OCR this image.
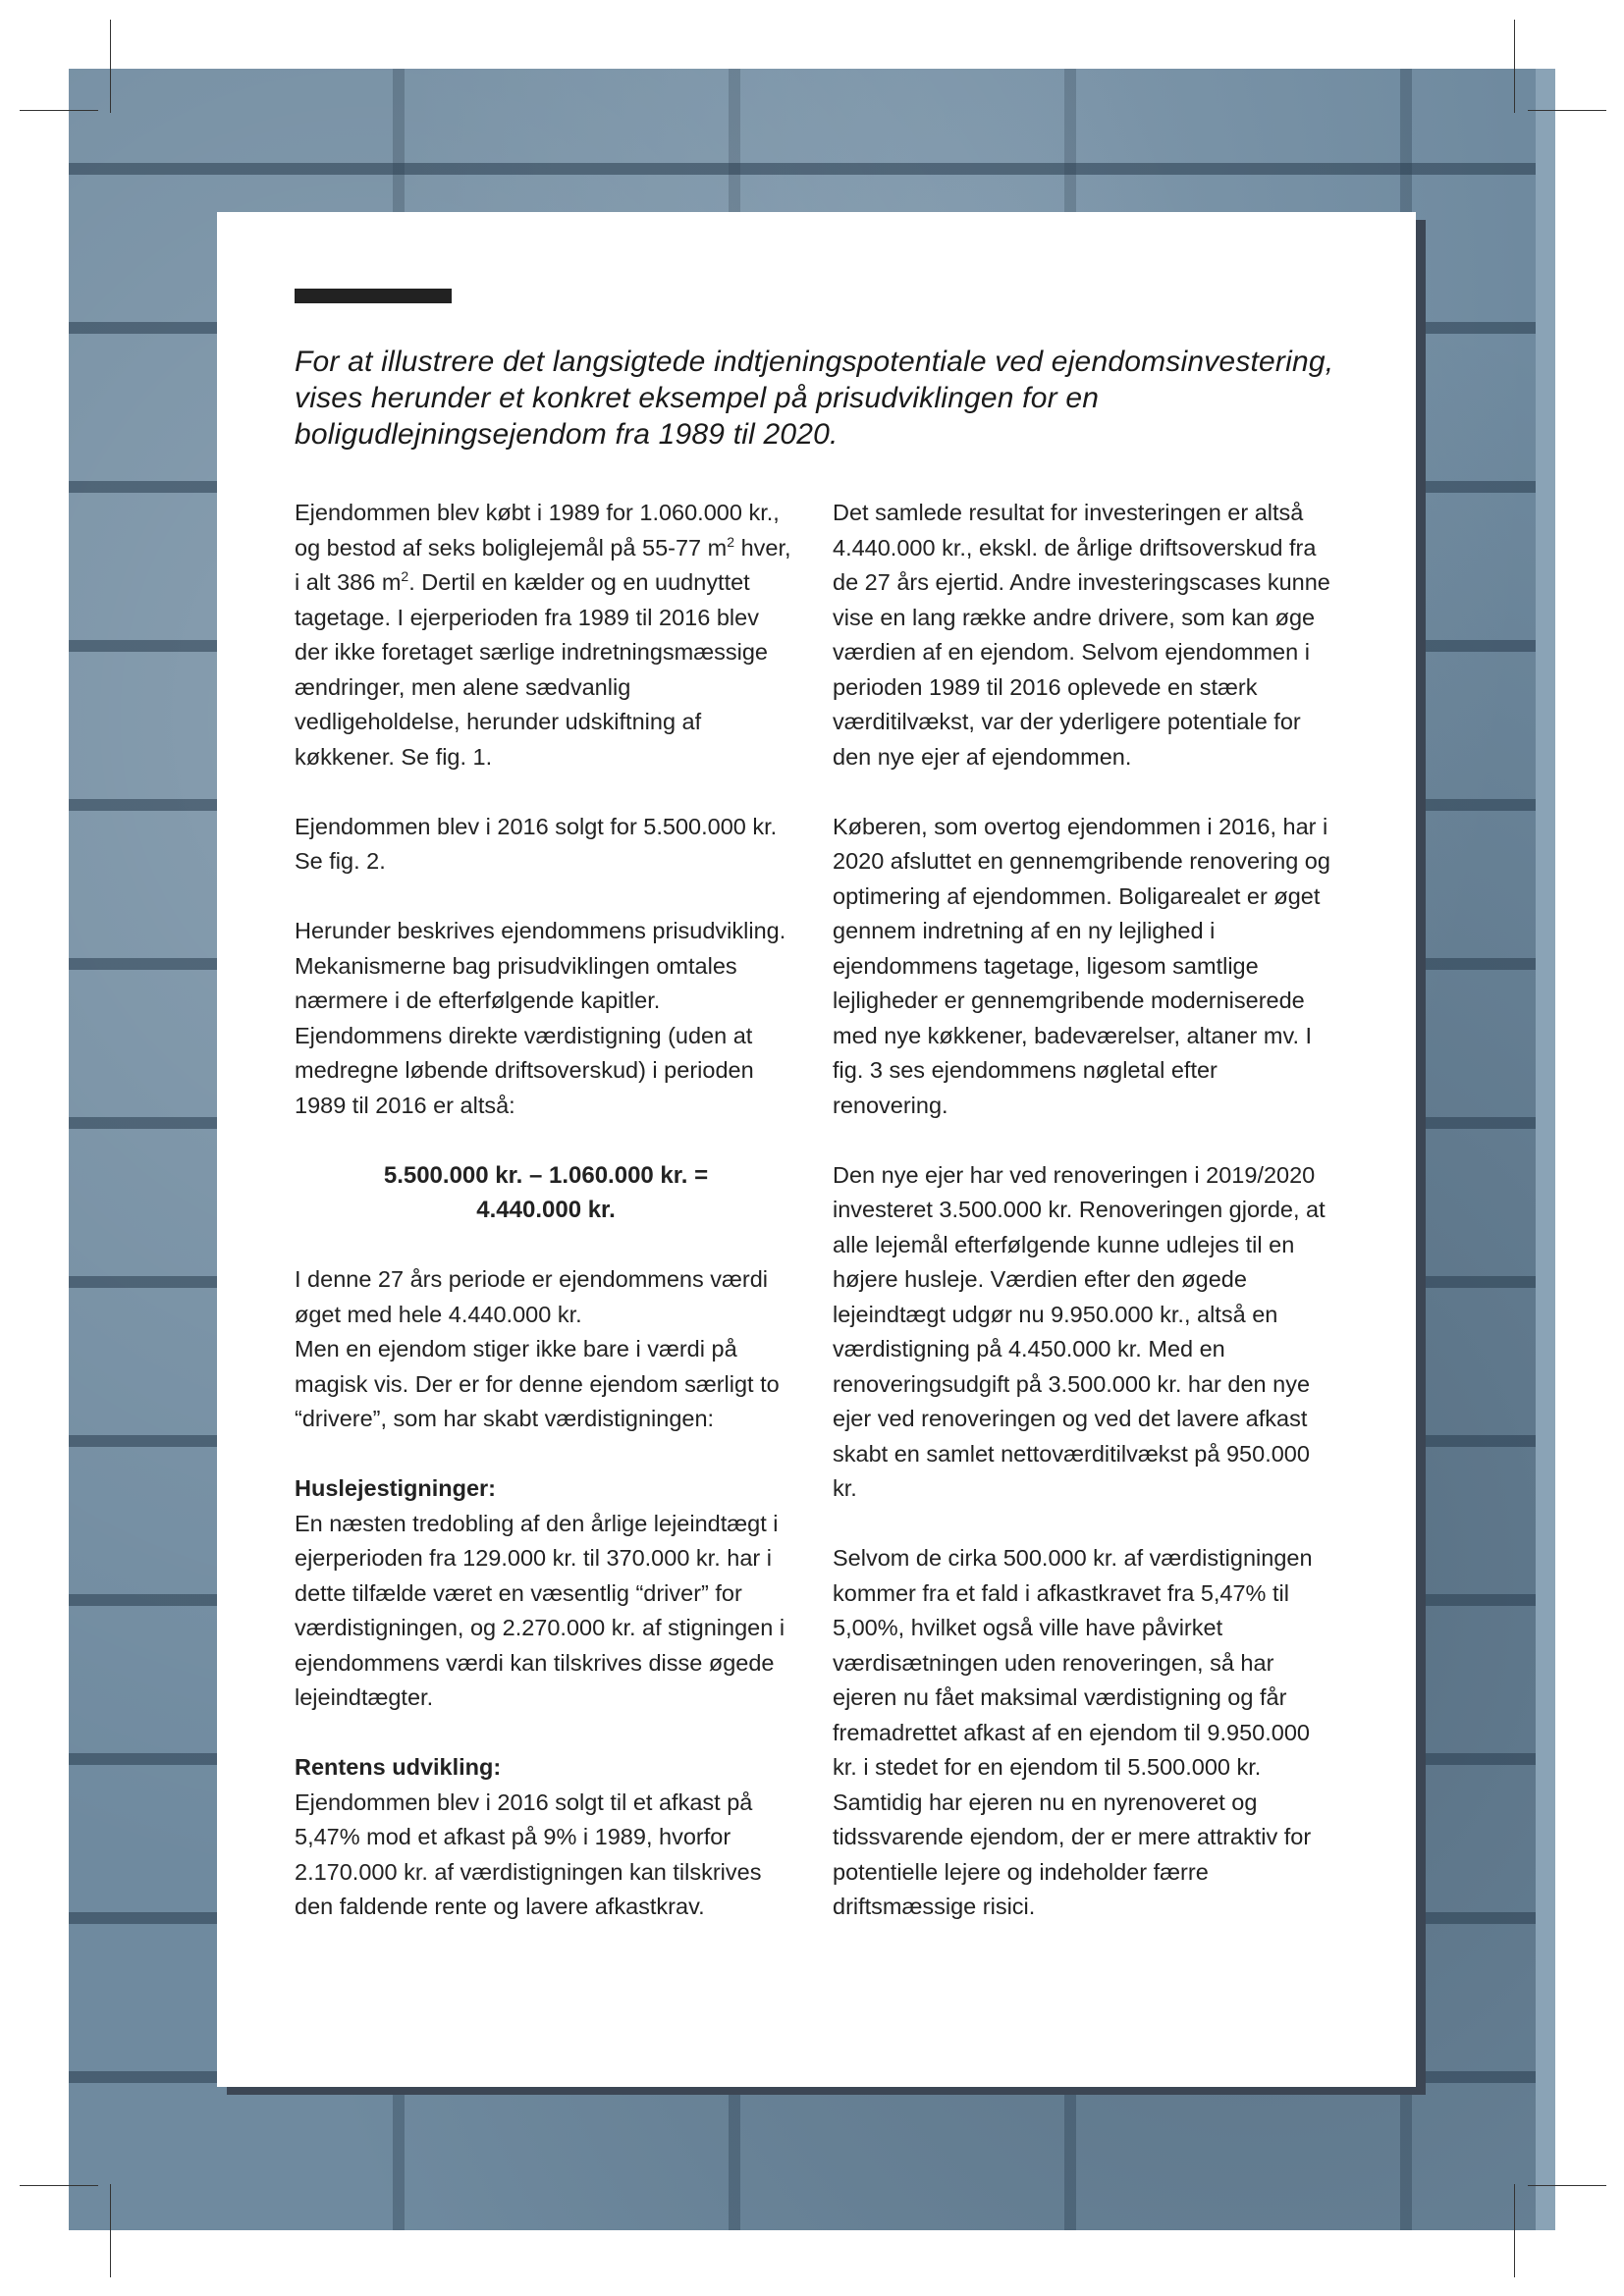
For at illustrere det langsigtede indtjeningspotentiale ved ejendomsinvestering, vises herunder et konkret eksempel på prisudviklingen for en boligudlejningsejendom fra 1989 til 2020.

Ejendommen blev købt i 1989 for 1.060.000 kr., og bestod af seks boliglejemål på 55-77 $m^2$ hver, i alt 386 $m^2$. Dertil en kælder og en uudnyttet tagetage. I ejerperioden fra 1989 til 2016 blev der ikke foretaget særlige indretningsmæssige ændringer, men alene sædvanlig vedligeholdelse, herunder udskiftning af køkkener. Se fig. 1.

Ejendommen blev i 2016 solgt for 5.500.000 kr. Se fig. 2.

Herunder beskrives ejendommens prisudvikling. Mekanismerne bag prisudviklingen omtales nærmere i de efterfølgende kapitler. Ejendommens direkte værdistigning (uden at medregne løbende driftsoverskud) i perioden 1989 til 2016 er altså:

5.500.000 kr. – 1.060.000 kr. =
4.440.000 kr.

I denne 27 års periode er ejendommens værdi øget med hele 4.440.000 kr.

Men en ejendom stiger ikke bare i værdi på magisk vis. Der er for denne ejendom særligt to “drivere”, som har skabt værdistigningen:

Huslejestigninger:

En næsten tredobling af den årlige lejeindtægt i ejerperioden fra 129.000 kr. til 370.000 kr. har i dette tilfælde været en væsentlig “driver” for værdistigningen, og 2.270.000 kr. af stigningen i ejendommens værdi kan tilskrives disse øgede lejeindtægter.

Rentens udvikling:

Ejendommen blev i 2016 solgt til et afkast på 5,47% mod et afkast på 9% i 1989, hvorfor 2.170.000 kr. af værdistigningen kan tilskrives den faldende rente og lavere afkastkrav.

Det samlede resultat for investeringen er altså 4.440.000 kr., ekskl. de årlige driftsoverskud fra de 27 års ejertid. Andre investeringscases kunne vise en lang række andre drivere, som kan øge værdien af en ejendom. Selvom ejendommen i perioden 1989 til 2016 oplevede en stærk værditilvækst, var der yderligere potentiale for den nye ejer af ejendommen.

Køberen, som overtog ejendommen i 2016, har i 2020 afsluttet en gennemgribende renovering og optimering af ejendommen. Boligarealet er øget gennem indretning af en ny lejlighed i ejendommens tagetage, ligesom samtlige lejligheder er gennemgribende moderniserede med nye køkkener, badeværelser, altaner mv. I fig. 3 ses ejendommens nøgletal efter renovering.

Den nye ejer har ved renoveringen i 2019/2020 investeret 3.500.000 kr. Renoveringen gjorde, at alle lejemål efterfølgende kunne udlejes til en højere husleje. Værdien efter den øgede lejeindtægt udgør nu 9.950.000 kr., altså en værdistigning på 4.450.000 kr. Med en renoveringsudgift på 3.500.000 kr. har den nye ejer ved renoveringen og ved det lavere afkast skabt en samlet nettoværditilvækst på 950.000 kr.

Selvom de cirka 500.000 kr. af værdistigningen kommer fra et fald i afkastkravet fra 5,47% til 5,00%, hvilket også ville have påvirket værdisætningen uden renoveringen, så har ejeren nu fået maksimal værdistigning og får fremadrettet afkast af en ejendom til 9.950.000 kr. i stedet for en ejendom til 5.500.000 kr. Samtidig har ejeren nu en nyrenoveret og tidssvarende ejendom, der er mere attraktiv for potentielle lejere og indeholder færre driftsmæssige risici.
